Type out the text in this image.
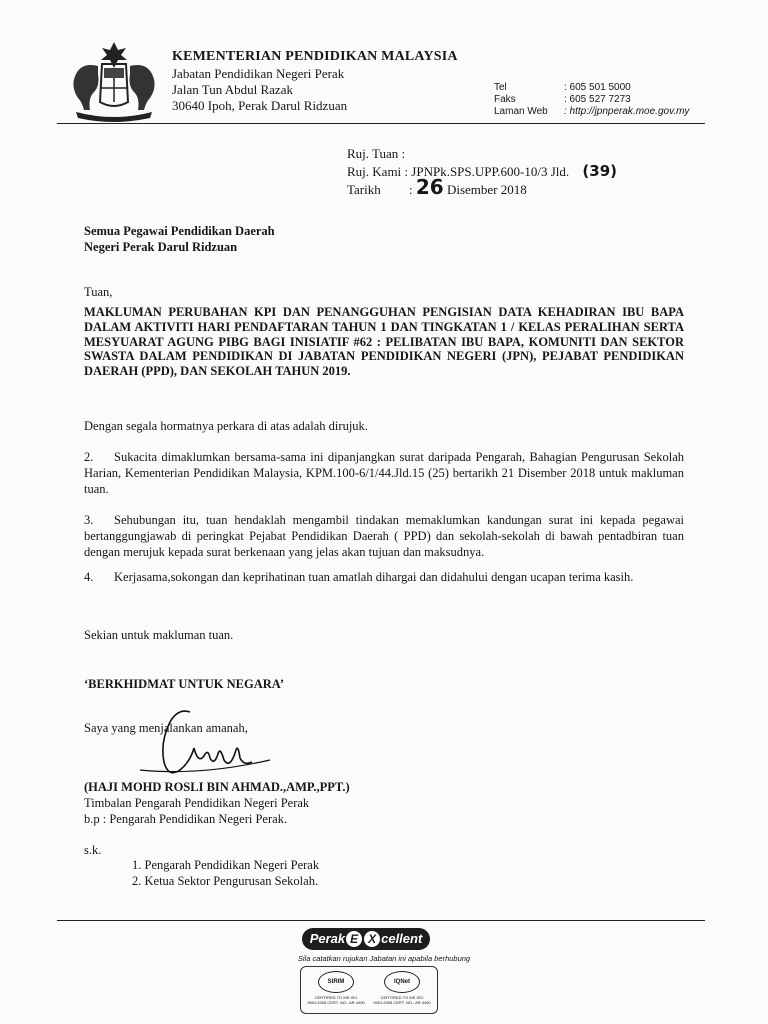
KEMENTERIAN PENDIDIKAN MALAYSIA
Jabatan Pendidikan Negeri Perak
Jalan Tun Abdul Razak
30640 Ipoh, Perak Darul Ridzuan
Tel	: 605 501 5000
Faks	: 605 527 7273
Laman Web : http://jpnperak.moe.gov.my
Ruj. Tuan :
Ruj. Kami : JPNPk.SPS.UPP.600-10/3 Jld. (39)
Tarikh : 26 Disember 2018
Semua Pegawai Pendidikan Daerah
Negeri Perak Darul Ridzuan
Tuan,
MAKLUMAN PERUBAHAN KPI DAN PENANGGUHAN PENGISIAN DATA KEHADIRAN IBU BAPA DALAM AKTIVITI HARI PENDAFTARAN TAHUN 1 DAN TINGKATAN 1 / KELAS PERALIHAN SERTA MESYUARAT AGUNG PIBG BAGI INISIATIF #62 : PELIBATAN IBU BAPA, KOMUNITI DAN SEKTOR SWASTA DALAM PENDIDIKAN DI JABATAN PENDIDIKAN NEGERI (JPN), PEJABAT PENDIDIKAN DAERAH (PPD), DAN SEKOLAH TAHUN 2019.
Dengan segala hormatnya perkara di atas adalah dirujuk.
2. Sukacita dimaklumkan bersama-sama ini dipanjangkan surat daripada Pengarah, Bahagian Pengurusan Sekolah Harian, Kementerian Pendidikan Malaysia, KPM.100-6/1/44.Jld.15 (25) bertarikh 21 Disember 2018 untuk makluman tuan.
3. Sehubungan itu, tuan hendaklah mengambil tindakan memaklumkan kandungan surat ini kepada pegawai bertanggungjawab di peringkat Pejabat Pendidikan Daerah ( PPD) dan sekolah-sekolah di bawah pentadbiran tuan dengan merujuk kepada surat berkenaan yang jelas akan tujuan dan maksudnya.
4. Kerjasama,sokongan dan keprihatinan tuan amatlah dihargai dan didahului dengan ucapan terima kasih.
Sekian untuk makluman tuan.
‘BERKHIDMAT UNTUK NEGARA’
Saya yang menjalankan amanah,
(HAJI MOHD ROSLI BIN AHMAD.,AMP.,PPT.)
Timbalan Pengarah Pendidikan Negeri Perak
b.p : Pengarah Pendidikan Negeri Perak.
s.k.
1. Pengarah Pendidikan Negeri Perak
2. Ketua Sektor Pengurusan Sekolah.
Perak E X cellent
Sila catatkan rujukan Jabatan ini apabila berhubung
SIRIM
CERTIFIED TO MS ISO 9001:2008 CERT. NO.: AR 4490
IQNet
CERTIFIED TO MS ISO 9001:2008 CERT. NO.: AR 4490
